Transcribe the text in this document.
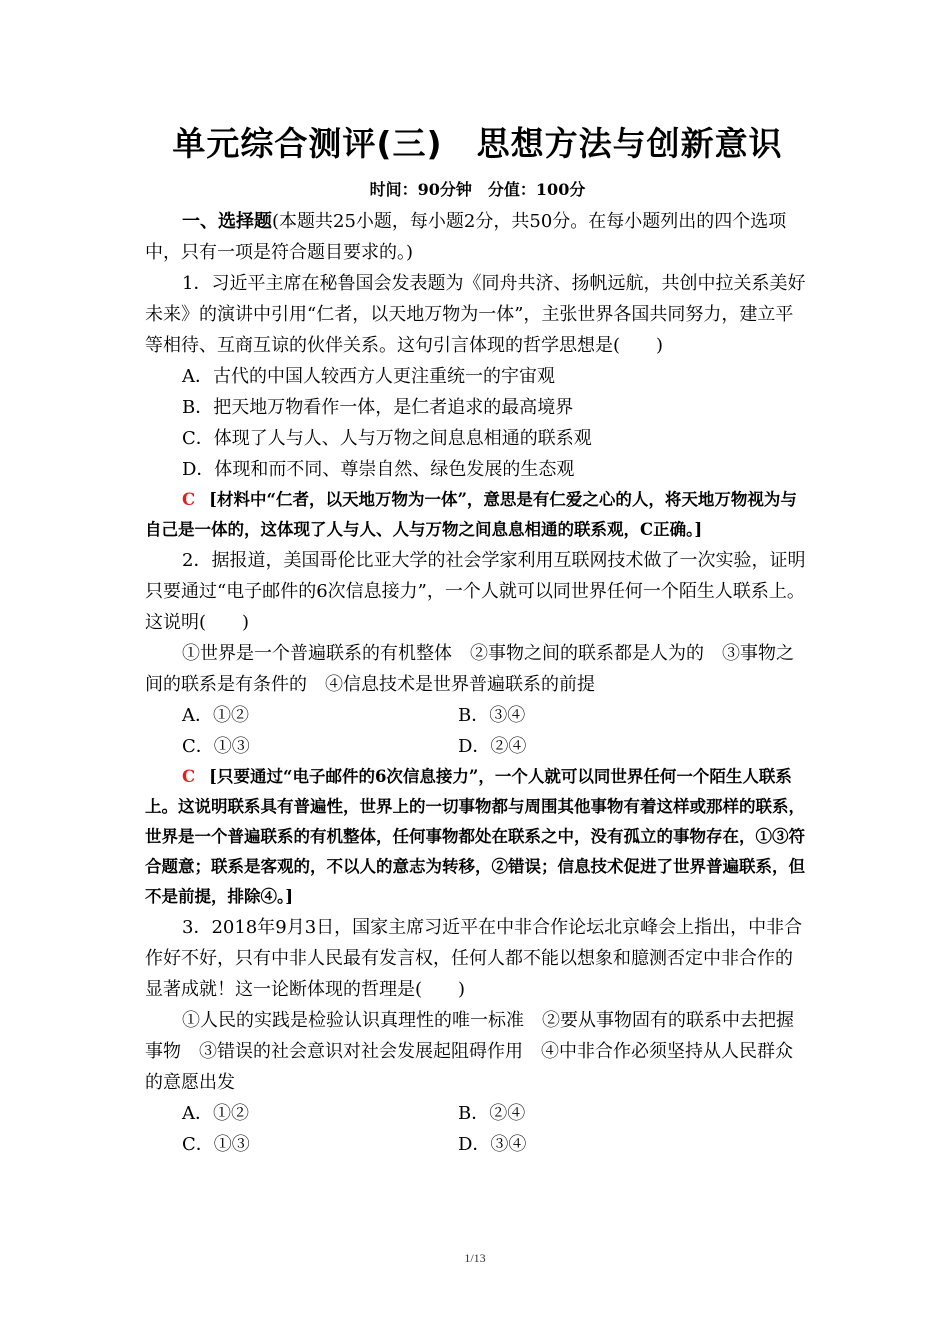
单元综合测评(三)　思想方法与创新意识
时间：90分钟　分值：100分

一、选择题(本题共25小题，每小题2分，共50分。在每小题列出的四个选项中，只有一项是符合题目要求的。)

1．习近平主席在秘鲁国会发表题为《同舟共济、扬帆远航，共创中拉关系美好未来》的演讲中引用“仁者，以天地万物为一体”，主张世界各国共同努力，建立平等相待、互商互谅的伙伴关系。这句引言体现的哲学思想是(　　)

A．古代的中国人较西方人更注重统一的宇宙观

B．把天地万物看作一体，是仁者追求的最高境界

C．体现了人与人、人与万物之间息息相通的联系观

D．体现和而不同、尊崇自然、绿色发展的生态观

C [材料中“仁者，以天地万物为一体”，意思是有仁爱之心的人，将天地万物视为与自己是一体的，这体现了人与人、人与万物之间息息相通的联系观，C正确。]

2．据报道，美国哥伦比亚大学的社会学家利用互联网技术做了一次实验，证明只要通过“电子邮件的6次信息接力”，一个人就可以同世界任何一个陌生人联系上。这说明(　　)

①世界是一个普遍联系的有机整体　②事物之间的联系都是人为的　③事物之间的联系是有条件的　④信息技术是世界普遍联系的前提

A．①②	B．③④
C．①③	D．②④

C [只要通过“电子邮件的6次信息接力”，一个人就可以同世界任何一个陌生人联系上。这说明联系具有普遍性，世界上的一切事物都与周围其他事物有着这样或那样的联系，世界是一个普遍联系的有机整体，任何事物都处在联系之中，没有孤立的事物存在，①③符合题意；联系是客观的，不以人的意志为转移，②错误；信息技术促进了世界普遍联系，但不是前提，排除④。]

3．2018年9月3日，国家主席习近平在中非合作论坛北京峰会上指出，中非合作好不好，只有中非人民最有发言权，任何人都不能以想象和臆测否定中非合作的显著成就！这一论断体现的哲理是(　　)

①人民的实践是检验认识真理性的唯一标准　②要从事物固有的联系中去把握事物　③错误的社会意识对社会发展起阻碍作用　④中非合作必须坚持从人民群众的意愿出发

A．①②	B．②④
C．①③	D．③④
1/13
